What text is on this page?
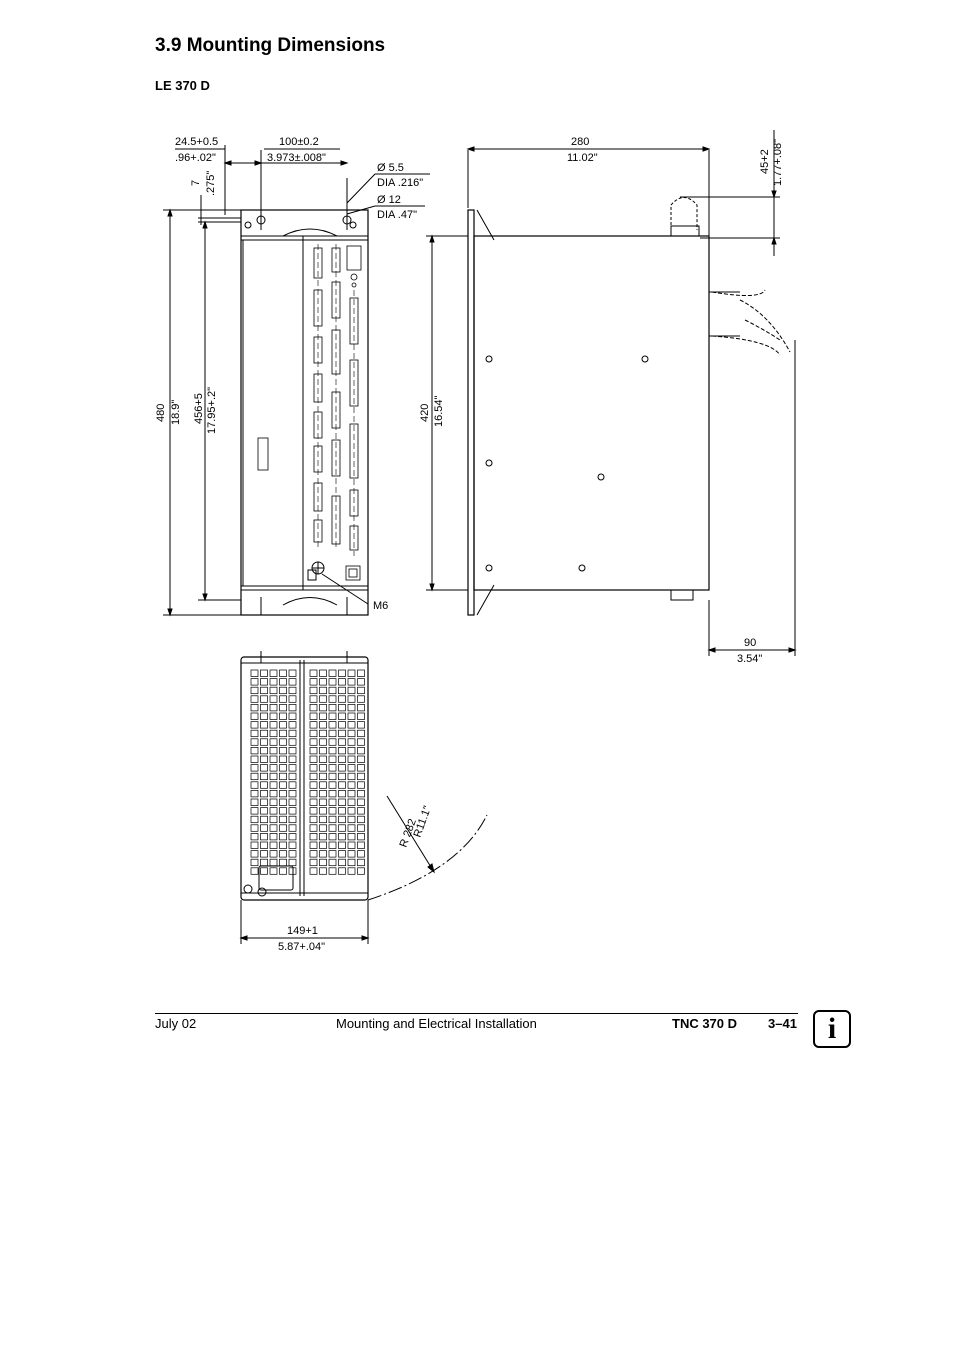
3.9 Mounting Dimensions
LE 370 D
24.5+0.5
.96+.02"
100±0.2
3.973±.008"
Ø 5.5
DIA .216"
Ø 12
DIA .47"
7 .275"
480 18.9" 456+5 17.95+.2"
M6
280
11.02"	45+2 1.77+.08"
420 16.54"
90
3.54"
149+1
5.87+.04"
R 282
R11.1"
July 02	Mounting and Electrical Installation	TNC 370 D 3–41 i
